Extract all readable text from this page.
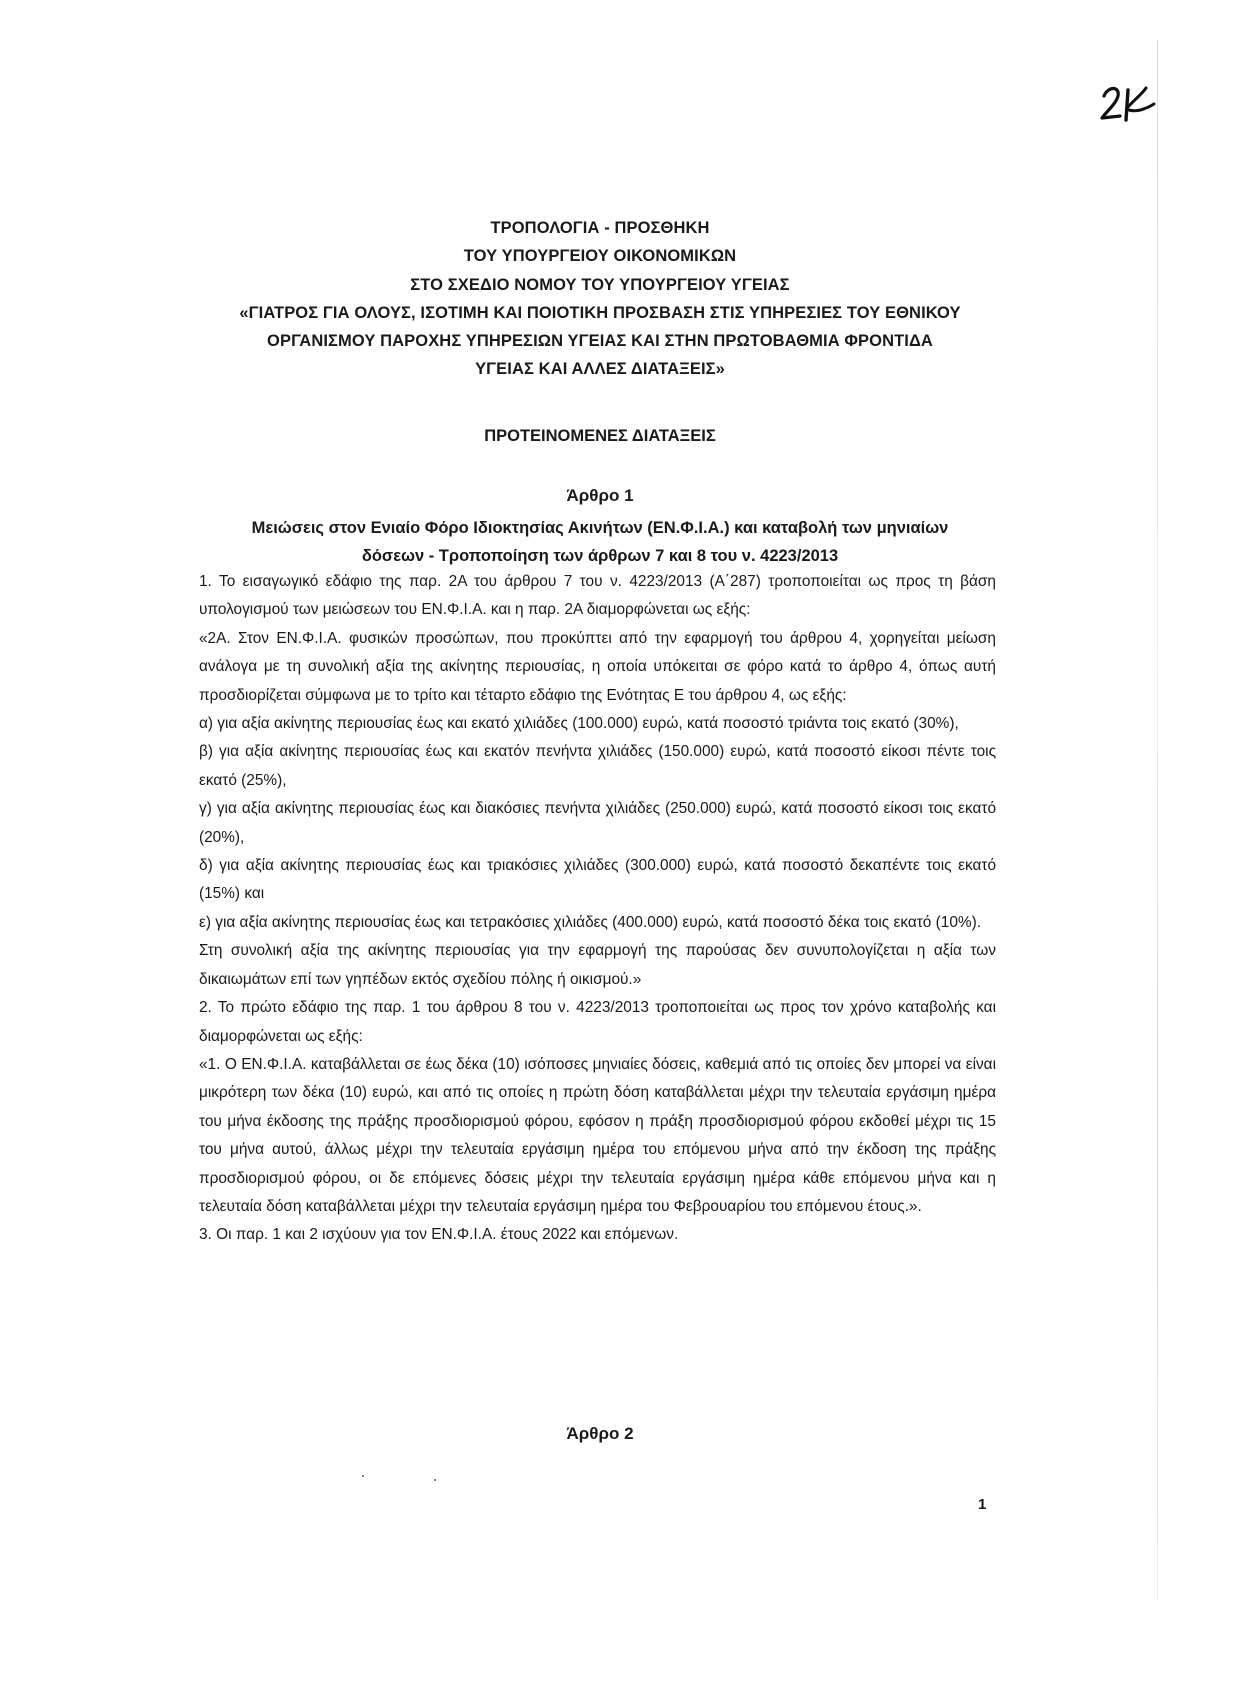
ΤΡΟΠΟΛΟΓΙΑ - ΠΡΟΣΘΗΚΗ
ΤΟΥ ΥΠΟΥΡΓΕΙΟΥ ΟΙΚΟΝΟΜΙΚΩΝ
ΣΤΟ ΣΧΕΔΙΟ ΝΟΜΟΥ ΤΟΥ ΥΠΟΥΡΓΕΙΟΥ ΥΓΕΙΑΣ
«ΓΙΑΤΡΟΣ ΓΙΑ ΟΛΟΥΣ, ΙΣΟΤΙΜΗ ΚΑΙ ΠΟΙΟΤΙΚΗ ΠΡΟΣΒΑΣΗ ΣΤΙΣ ΥΠΗΡΕΣΙΕΣ ΤΟΥ ΕΘΝΙΚΟΥ
ΟΡΓΑΝΙΣΜΟΥ ΠΑΡΟΧΗΣ ΥΠΗΡΕΣΙΩΝ ΥΓΕΙΑΣ ΚΑΙ ΣΤΗΝ ΠΡΩΤΟΒΑΘΜΙΑ ΦΡΟΝΤΙΔΑ
ΥΓΕΙΑΣ ΚΑΙ ΑΛΛΕΣ ΔΙΑΤΑΞΕΙΣ»
ΠΡΟΤΕΙΝΟΜΕΝΕΣ ΔΙΑΤΑΞΕΙΣ
Άρθρο 1
Μειώσεις στον Ενιαίο Φόρο Ιδιοκτησίας Ακινήτων (ΕΝ.Φ.Ι.Α.) και καταβολή των μηνιαίων
δόσεων - Τροποποίηση των άρθρων 7 και 8 του ν. 4223/2013

1. Το εισαγωγικό εδάφιο της παρ. 2Α του άρθρου 7 του ν. 4223/2013 (Α΄287) τροποποιείται ως προς τη βάση υπολογισμού των μειώσεων του ΕΝ.Φ.Ι.Α. και η παρ. 2Α διαμορφώνεται ως εξής:

«2Α. Στον ΕΝ.Φ.Ι.Α. φυσικών προσώπων, που προκύπτει από την εφαρμογή του άρθρου 4, χορηγείται μείωση ανάλογα με τη συνολική αξία της ακίνητης περιουσίας, η οποία υπόκειται σε φόρο κατά το άρθρο 4, όπως αυτή προσδιορίζεται σύμφωνα με το τρίτο και τέταρτο εδάφιο της Ενότητας Ε του άρθρου 4, ως εξής:

α) για αξία ακίνητης περιουσίας έως και εκατό χιλιάδες (100.000) ευρώ, κατά ποσοστό τριάντα τοις εκατό (30%),

β) για αξία ακίνητης περιουσίας έως και εκατόν πενήντα χιλιάδες (150.000) ευρώ, κατά ποσοστό είκοσι πέντε τοις εκατό (25%),

γ) για αξία ακίνητης περιουσίας έως και διακόσιες πενήντα χιλιάδες (250.000) ευρώ, κατά ποσοστό είκοσι τοις εκατό (20%),

δ) για αξία ακίνητης περιουσίας έως και τριακόσιες χιλιάδες (300.000) ευρώ, κατά ποσοστό δεκαπέντε τοις εκατό (15%) και

ε) για αξία ακίνητης περιουσίας έως και τετρακόσιες χιλιάδες (400.000) ευρώ, κατά ποσοστό δέκα τοις εκατό (10%).

Στη συνολική αξία της ακίνητης περιουσίας για την εφαρμογή της παρούσας δεν συνυπολογίζεται η αξία των δικαιωμάτων επί των γηπέδων εκτός σχεδίου πόλης ή οικισμού.»

2. Το πρώτο εδάφιο της παρ. 1 του άρθρου 8 του ν. 4223/2013 τροποποιείται ως προς τον χρόνο καταβολής και διαμορφώνεται ως εξής:

«1. Ο ΕΝ.Φ.Ι.Α. καταβάλλεται σε έως δέκα (10) ισόποσες μηνιαίες δόσεις, καθεμιά από τις οποίες δεν μπορεί να είναι μικρότερη των δέκα (10) ευρώ, και από τις οποίες η πρώτη δόση καταβάλλεται μέχρι την τελευταία εργάσιμη ημέρα του μήνα έκδοσης της πράξης προσδιορισμού φόρου, εφόσον η πράξη προσδιορισμού φόρου εκδοθεί μέχρι τις 15 του μήνα αυτού, άλλως μέχρι την τελευταία εργάσιμη ημέρα του επόμενου μήνα από την έκδοση της πράξης προσδιορισμού φόρου, οι δε επόμενες δόσεις μέχρι την τελευταία εργάσιμη ημέρα κάθε επόμενου μήνα και η τελευταία δόση καταβάλλεται μέχρι την τελευταία εργάσιμη ημέρα του Φεβρουαρίου του επόμενου έτους.».

3. Οι παρ. 1 και 2 ισχύουν για τον ΕΝ.Φ.Ι.Α. έτους 2022 και επόμενων.

Άρθρο 2
1
